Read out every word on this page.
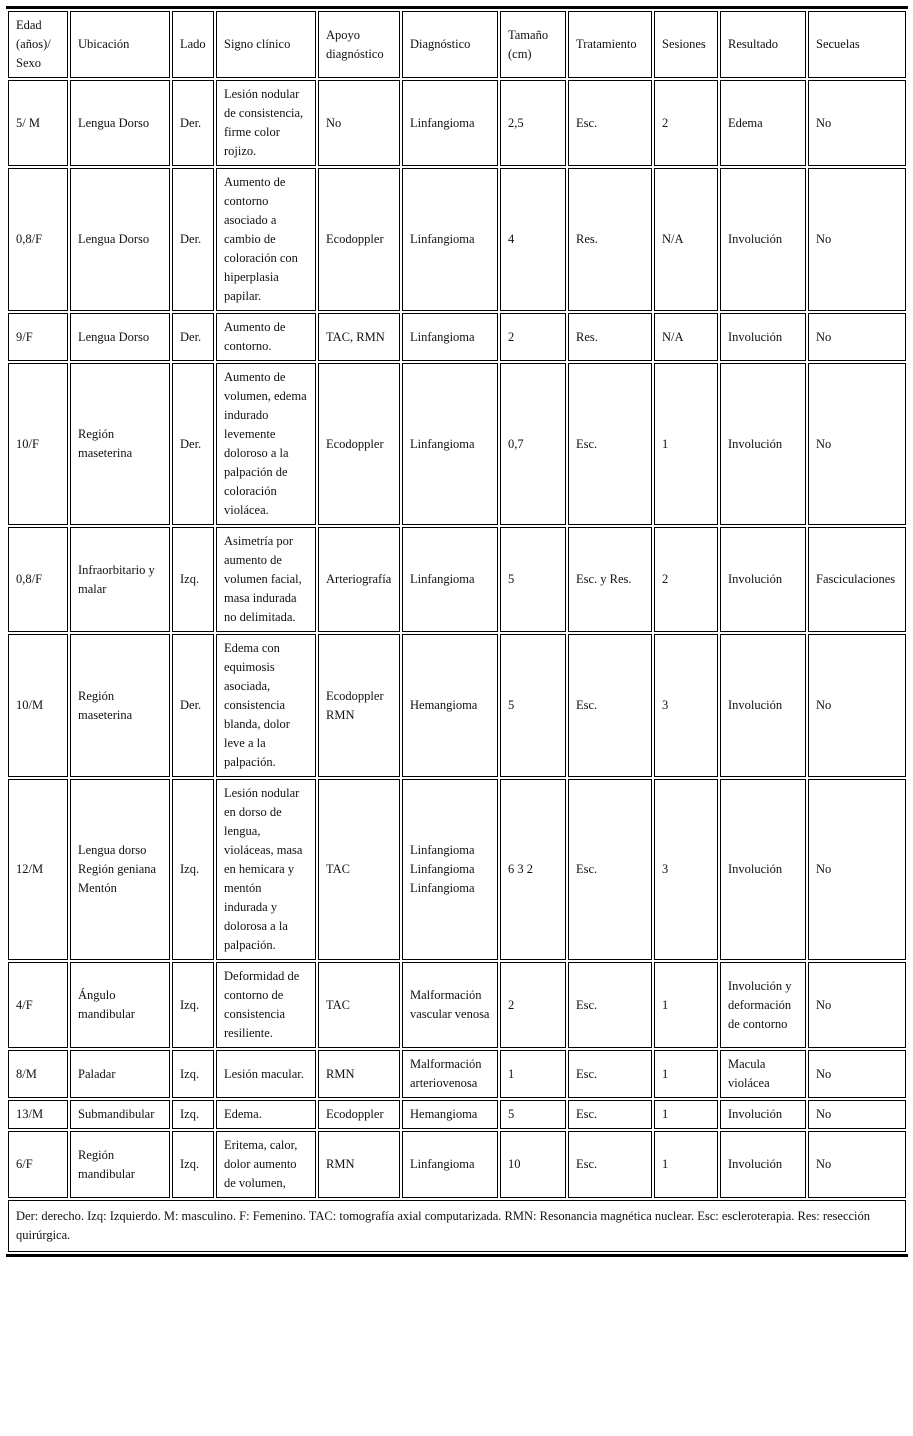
Edad (años)/ Sexo	Ubicación	Lado	Signo clínico	Apoyo diagnóstico	Diagnóstico	Tamaño (cm)	Tratamiento	Sesiones	Resultado	Secuelas
5/ M	Lengua Dorso	Der.	Lesión nodular de consistencia, firme color rojizo.	No	Linfangioma	2,5	Esc.	2	Edema	No
0,8/F	Lengua Dorso	Der.	Aumento de contorno asociado a cambio de coloración con hiperplasia papilar.	Ecodoppler	Linfangioma	4	Res.	N/A	Involución	No
9/F	Lengua Dorso	Der.	Aumento de contorno.	TAC, RMN	Linfangioma	2	Res.	N/A	Involución	No
10/F	Región maseterina	Der.	Aumento de volumen, edema indurado levemente doloroso a la palpación de coloración violácea.	Ecodoppler	Linfangioma	0,7	Esc.	1	Involución	No
0,8/F	Infraorbitario y malar	Izq.	Asimetría por aumento de volumen facial, masa indurada no delimitada.	Arteriografía	Linfangioma	5	Esc. y Res.	2	Involución	Fasciculaciones
10/M	Región maseterina	Der.	Edema con equimosis asociada, consistencia blanda, dolor leve a la palpación.	Ecodoppler RMN	Hemangioma	5	Esc.	3	Involución	No
12/M	Lengua dorso Región geniana Mentón	Izq.	Lesión nodular en dorso de lengua, violáceas, masa en hemicara y mentón indurada y dolorosa a la palpación.	TAC	Linfangioma Linfangioma Linfangioma	6 3 2	Esc.	3	Involución	No
4/F	Ángulo mandibular	Izq.	Deformidad de contorno de consistencia resiliente.	TAC	Malformación vascular venosa	2	Esc.	1	Involución y deformación de contorno	No
8/M	Paladar	Izq.	Lesión macular.	RMN	Malformación arteriovenosa	1	Esc.	1	Macula violácea	No
13/M	Submandibular	Izq.	Edema.	Ecodoppler	Hemangioma	5	Esc.	1	Involución	No
6/F	Región mandibular	Izq.	Eritema, calor, dolor aumento de volumen,	RMN	Linfangioma	10	Esc.	1	Involución	No
Der: derecho. Izq: Izquierdo. M: masculino. F: Femenino. TAC: tomografía axial computarizada. RMN: Resonancia magnética nuclear. Esc: escleroterapia. Res: resección quirúrgica.										
